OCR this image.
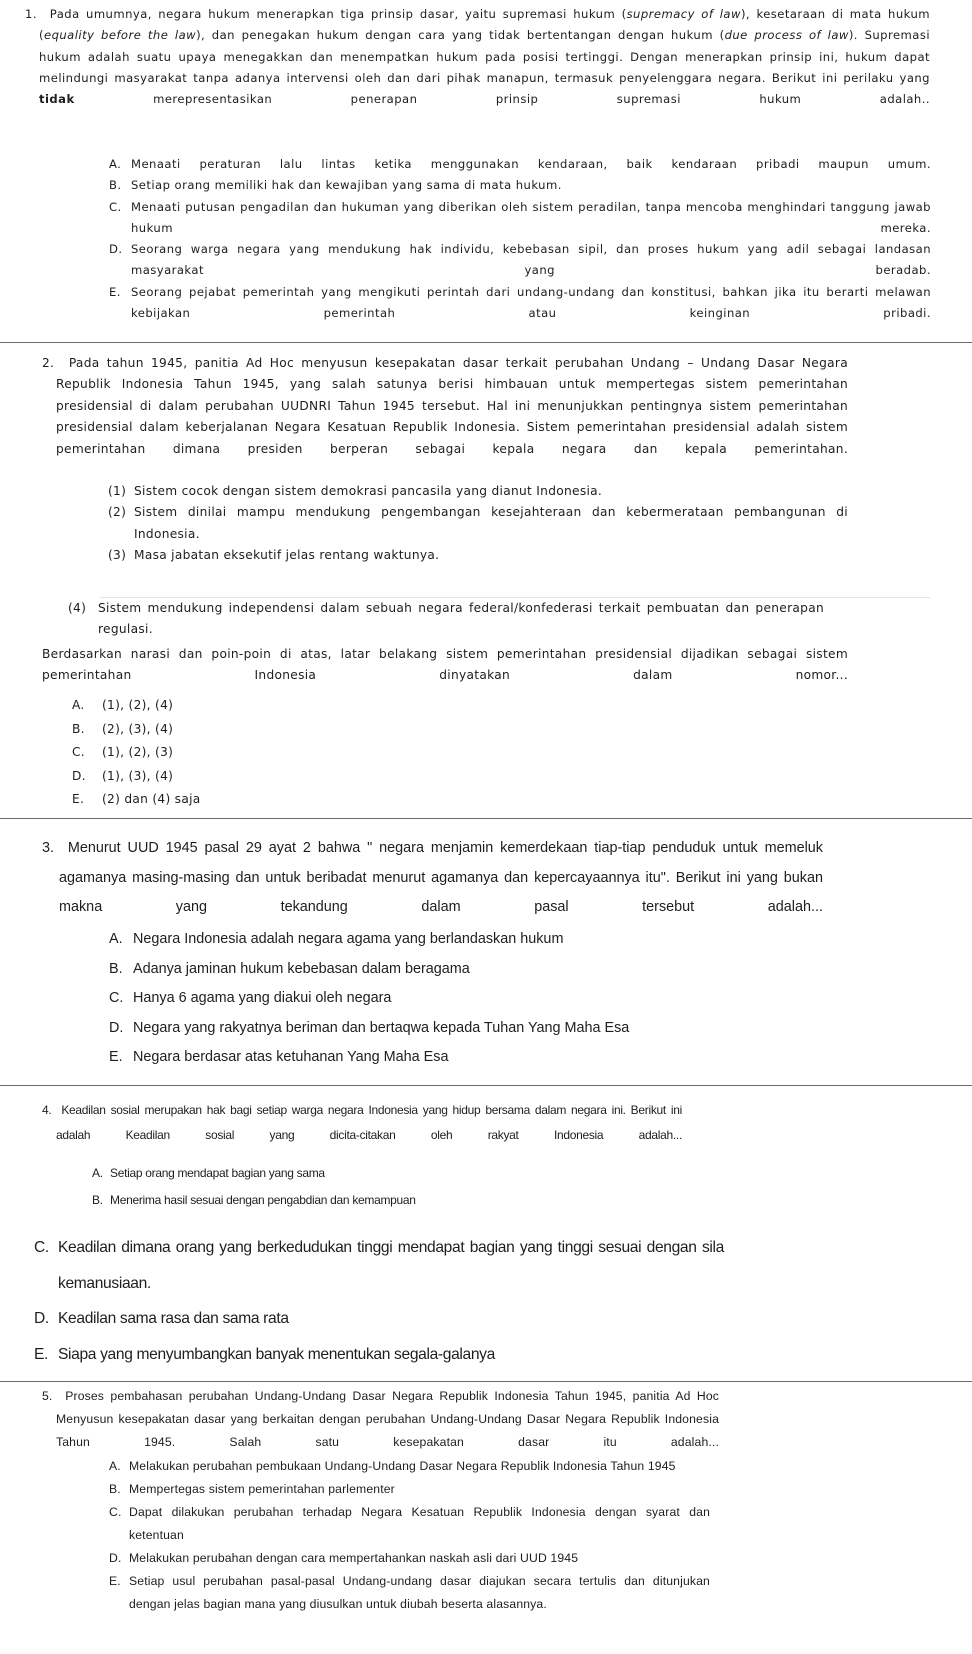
1. Pada umumnya, negara hukum menerapkan tiga prinsip dasar, yaitu supremasi hukum (supremacy of law), kesetaraan di mata hukum (equality before the law), dan penegakan hukum dengan cara yang tidak bertentangan dengan hukum (due process of law). Supremasi hukum adalah suatu upaya menegakkan dan menempatkan hukum pada posisi tertinggi. Dengan menerapkan prinsip ini, hukum dapat melindungi masyarakat tanpa adanya intervensi oleh dan dari pihak manapun, termasuk penyelenggara negara. Berikut ini perilaku yang tidak merepresentasikan penerapan prinsip supremasi hukum adalah..

A. Menaati peraturan lalu lintas ketika menggunakan kendaraan, baik kendaraan pribadi maupun umum.
B. Setiap orang memiliki hak dan kewajiban yang sama di mata hukum.
C. Menaati putusan pengadilan dan hukuman yang diberikan oleh sistem peradilan, tanpa mencoba menghindari tanggung jawab hukum mereka.
D. Seorang warga negara yang mendukung hak individu, kebebasan sipil, dan proses hukum yang adil sebagai landasan masyarakat yang beradab.
E. Seorang pejabat pemerintah yang mengikuti perintah dari undang-undang dan konstitusi, bahkan jika itu berarti melawan kebijakan pemerintah atau keinginan pribadi.

2. Pada tahun 1945, panitia Ad Hoc menyusun kesepakatan dasar terkait perubahan Undang – Undang Dasar Negara Republik Indonesia Tahun 1945, yang salah satunya berisi himbauan untuk mempertegas sistem pemerintahan presidensial di dalam perubahan UUDNRI Tahun 1945 tersebut. Hal ini menunjukkan pentingnya sistem pemerintahan presidensial dalam keberjalanan Negara Kesatuan Republik Indonesia. Sistem pemerintahan presidensial adalah sistem pemerintahan dimana presiden berperan sebagai kepala negara dan kepala pemerintahan.

(1) Sistem cocok dengan sistem demokrasi pancasila yang dianut Indonesia.
(2) Sistem dinilai mampu mendukung pengembangan kesejahteraan dan kebermerataan pembangunan di Indonesia.
(3) Masa jabatan eksekutif jelas rentang waktunya.
(4) Sistem mendukung independensi dalam sebuah negara federal/konfederasi terkait pembuatan dan penerapan regulasi.

Berdasarkan narasi dan poin-poin di atas, latar belakang sistem pemerintahan presidensial dijadikan sebagai sistem pemerintahan Indonesia dinyatakan dalam nomor...

A. (1), (2), (4)
B. (2), (3), (4)
C. (1), (2), (3)
D. (1), (3), (4)
E. (2) dan (4) saja

3. Menurut UUD 1945 pasal 29 ayat 2 bahwa " negara menjamin kemerdekaan tiap-tiap penduduk untuk memeluk agamanya masing-masing dan untuk beribadat menurut agamanya dan kepercayaannya itu". Berikut ini yang bukan makna yang tekandung dalam pasal tersebut adalah...

A. Negara Indonesia adalah negara agama yang berlandaskan hukum
B. Adanya jaminan hukum kebebasan dalam beragama
C. Hanya 6 agama yang diakui oleh negara
D. Negara yang rakyatnya beriman dan bertaqwa kepada Tuhan Yang Maha Esa
E. Negara berdasar atas ketuhanan Yang Maha Esa

4. Keadilan sosial merupakan hak bagi setiap warga negara Indonesia yang hidup bersama dalam negara ini. Berikut ini adalah Keadilan sosial yang dicita-citakan oleh rakyat Indonesia adalah...

A. Setiap orang mendapat bagian yang sama
B. Menerima hasil sesuai dengan pengabdian dan kemampuan
C. Keadilan dimana orang yang berkedudukan tinggi mendapat bagian yang tinggi sesuai dengan sila kemanusiaan.
D. Keadilan sama rasa dan sama rata
E. Siapa yang menyumbangkan banyak menentukan segala-galanya

5. Proses pembahasan perubahan Undang-Undang Dasar Negara Republik Indonesia Tahun 1945, panitia Ad Hoc Menyusun kesepakatan dasar yang berkaitan dengan perubahan Undang-Undang Dasar Negara Republik Indonesia Tahun 1945. Salah satu kesepakatan dasar itu adalah...

A. Melakukan perubahan pembukaan Undang-Undang Dasar Negara Republik Indonesia Tahun 1945
B. Mempertegas sistem pemerintahan parlementer
C. Dapat dilakukan perubahan terhadap Negara Kesatuan Republik Indonesia dengan syarat dan ketentuan
D. Melakukan perubahan dengan cara mempertahankan naskah asli dari UUD 1945
E. Setiap usul perubahan pasal-pasal Undang-undang dasar diajukan secara tertulis dan ditunjukan dengan jelas bagian mana yang diusulkan untuk diubah beserta alasannya.
